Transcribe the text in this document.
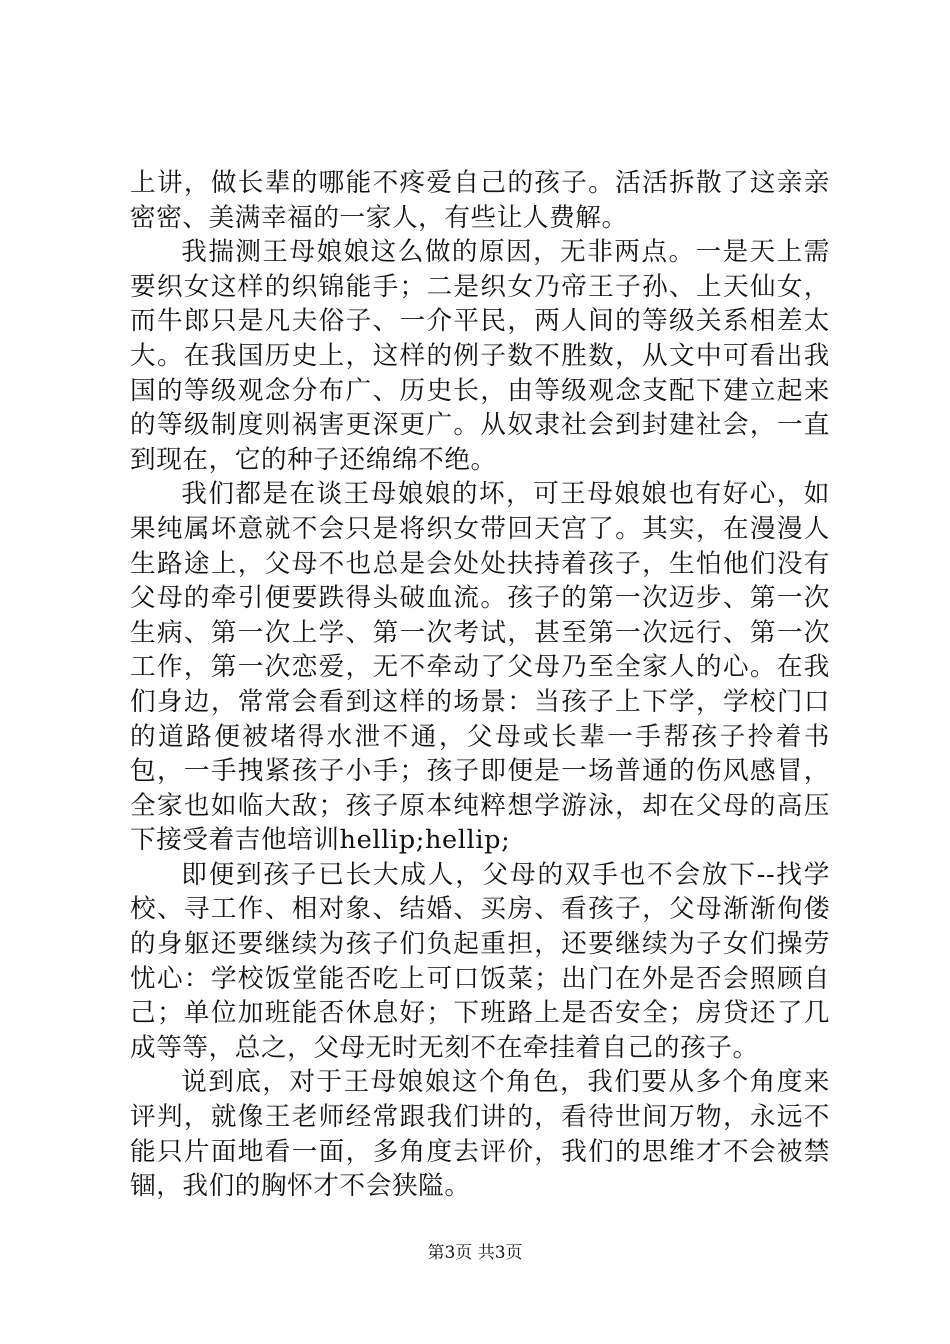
上讲，做长辈的哪能不疼爱自己的孩子。活活拆散了这亲亲密密、美满幸福的一家人，有些让人费解。

我揣测王母娘娘这么做的原因，无非两点。一是天上需要织女这样的织锦能手；二是织女乃帝王子孙、上天仙女，而牛郎只是凡夫俗子、一介平民，两人间的等级关系相差太大。在我国历史上，这样的例子数不胜数，从文中可看出我国的等级观念分布广、历史长，由等级观念支配下建立起来的等级制度则祸害更深更广。从奴隶社会到封建社会，一直到现在，它的种子还绵绵不绝。

我们都是在谈王母娘娘的坏，可王母娘娘也有好心，如果纯属坏意就不会只是将织女带回天宫了。其实，在漫漫人生路途上，父母不也总是会处处扶持着孩子，生怕他们没有父母的牵引便要跌得头破血流。孩子的第一次迈步、第一次生病、第一次上学、第一次考试，甚至第一次远行、第一次工作，第一次恋爱，无不牵动了父母乃至全家人的心。在我们身边，常常会看到这样的场景：当孩子上下学，学校门口的道路便被堵得水泄不通，父母或长辈一手帮孩子拎着书包，一手拽紧孩子小手；孩子即便是一场普通的伤风感冒，全家也如临大敌；孩子原本纯粹想学游泳，却在父母的高压下接受着吉他培训hellip;hellip;

即便到孩子已长大成人，父母的双手也不会放下--找学校、寻工作、相对象、结婚、买房、看孩子，父母渐渐佝偻的身躯还要继续为孩子们负起重担，还要继续为子女们操劳忧心：学校饭堂能否吃上可口饭菜；出门在外是否会照顾自己；单位加班能否休息好；下班路上是否安全；房贷还了几成等等，总之，父母无时无刻不在牵挂着自己的孩子。

说到底，对于王母娘娘这个角色，我们要从多个角度来评判，就像王老师经常跟我们讲的，看待世间万物，永远不能只片面地看一面，多角度去评价，我们的思维才不会被禁锢，我们的胸怀才不会狭隘。

第3页 共3页
